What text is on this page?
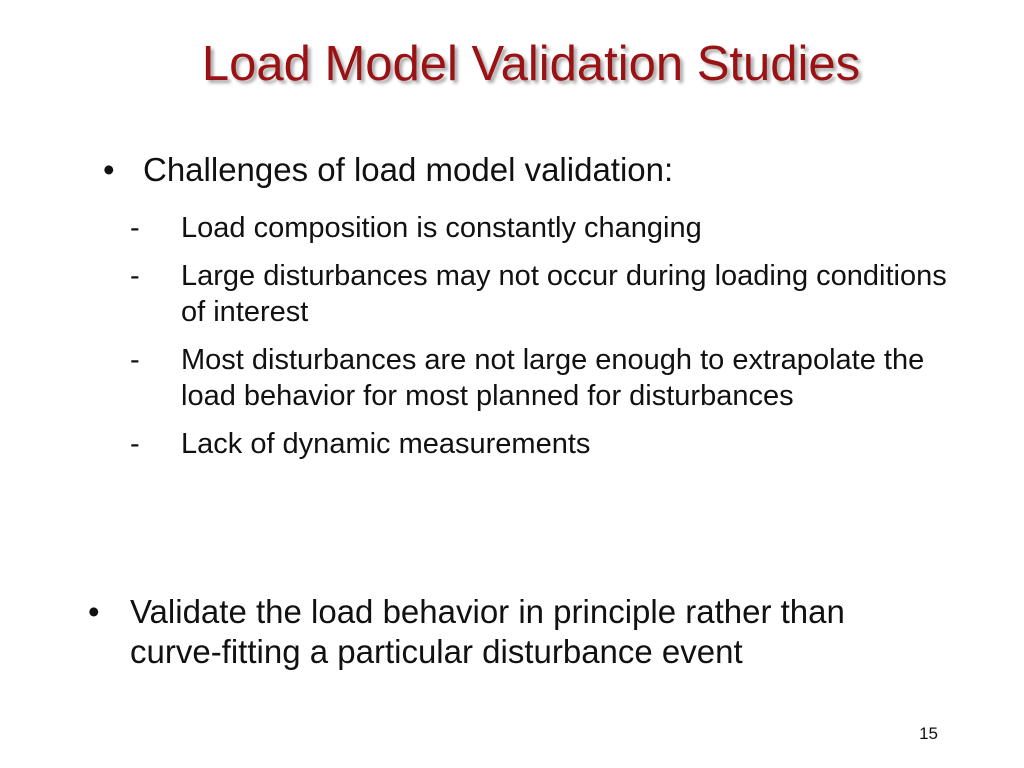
Load Model Validation Studies
• Challenges of load model validation:
- Load composition is constantly changing
- Large disturbances may not occur during loading conditions of interest
- Most disturbances are not large enough to extrapolate the load behavior for most planned for disturbances
- Lack of dynamic measurements
• Validate the load behavior in principle rather than curve-fitting a particular disturbance event
15
